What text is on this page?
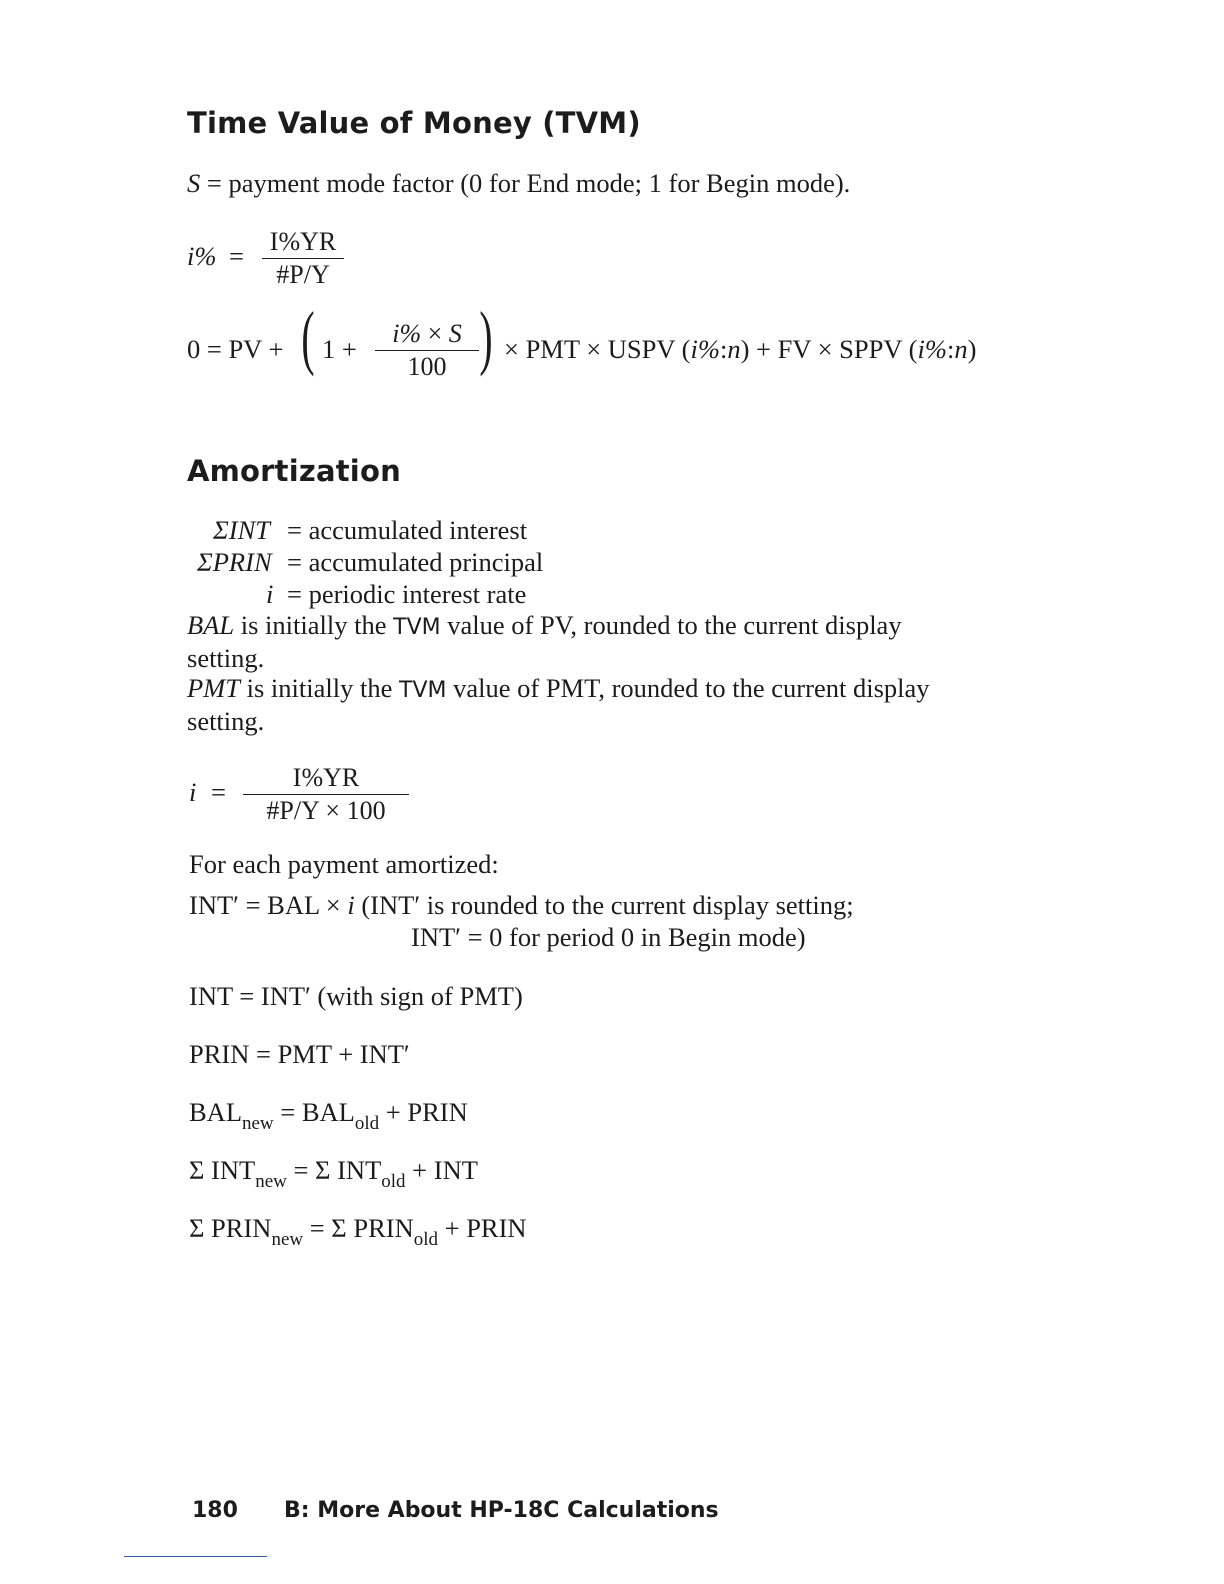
Time Value of Money (TVM)
S = payment mode factor (0 for End mode; 1 for Begin mode).
i% = I%YR
#P/Y
0 = PV + ( 1 +
i% × S
100 ) × PMT × USPV (i%:n) + FV × SPPV (i%:n)
Amortization
ΣINT = accumulated interest
ΣPRIN = accumulated principal
i = periodic interest rate
BAL is initially the TVM value of PV, rounded to the current display
setting.
PMT is initially the TVM value of PMT, rounded to the current display
setting.
i =	I%YR
#P/Y × 100
For each payment amortized:
INT′ = BAL × i (INT′ is rounded to the current display setting;
INT′ = 0 for period 0 in Begin mode)
INT = INT′ (with sign of PMT)
PRIN = PMT + INT′
$BAL_{new} = BAL_{old}$ + PRIN
Σ $INT_{new} = \Sigma$ $INT_{old}$ + INT
Σ $PRIN_{new} = \Sigma$ $PRIN_{old}$ + PRIN
180 B: More About HP-18C Calculations
